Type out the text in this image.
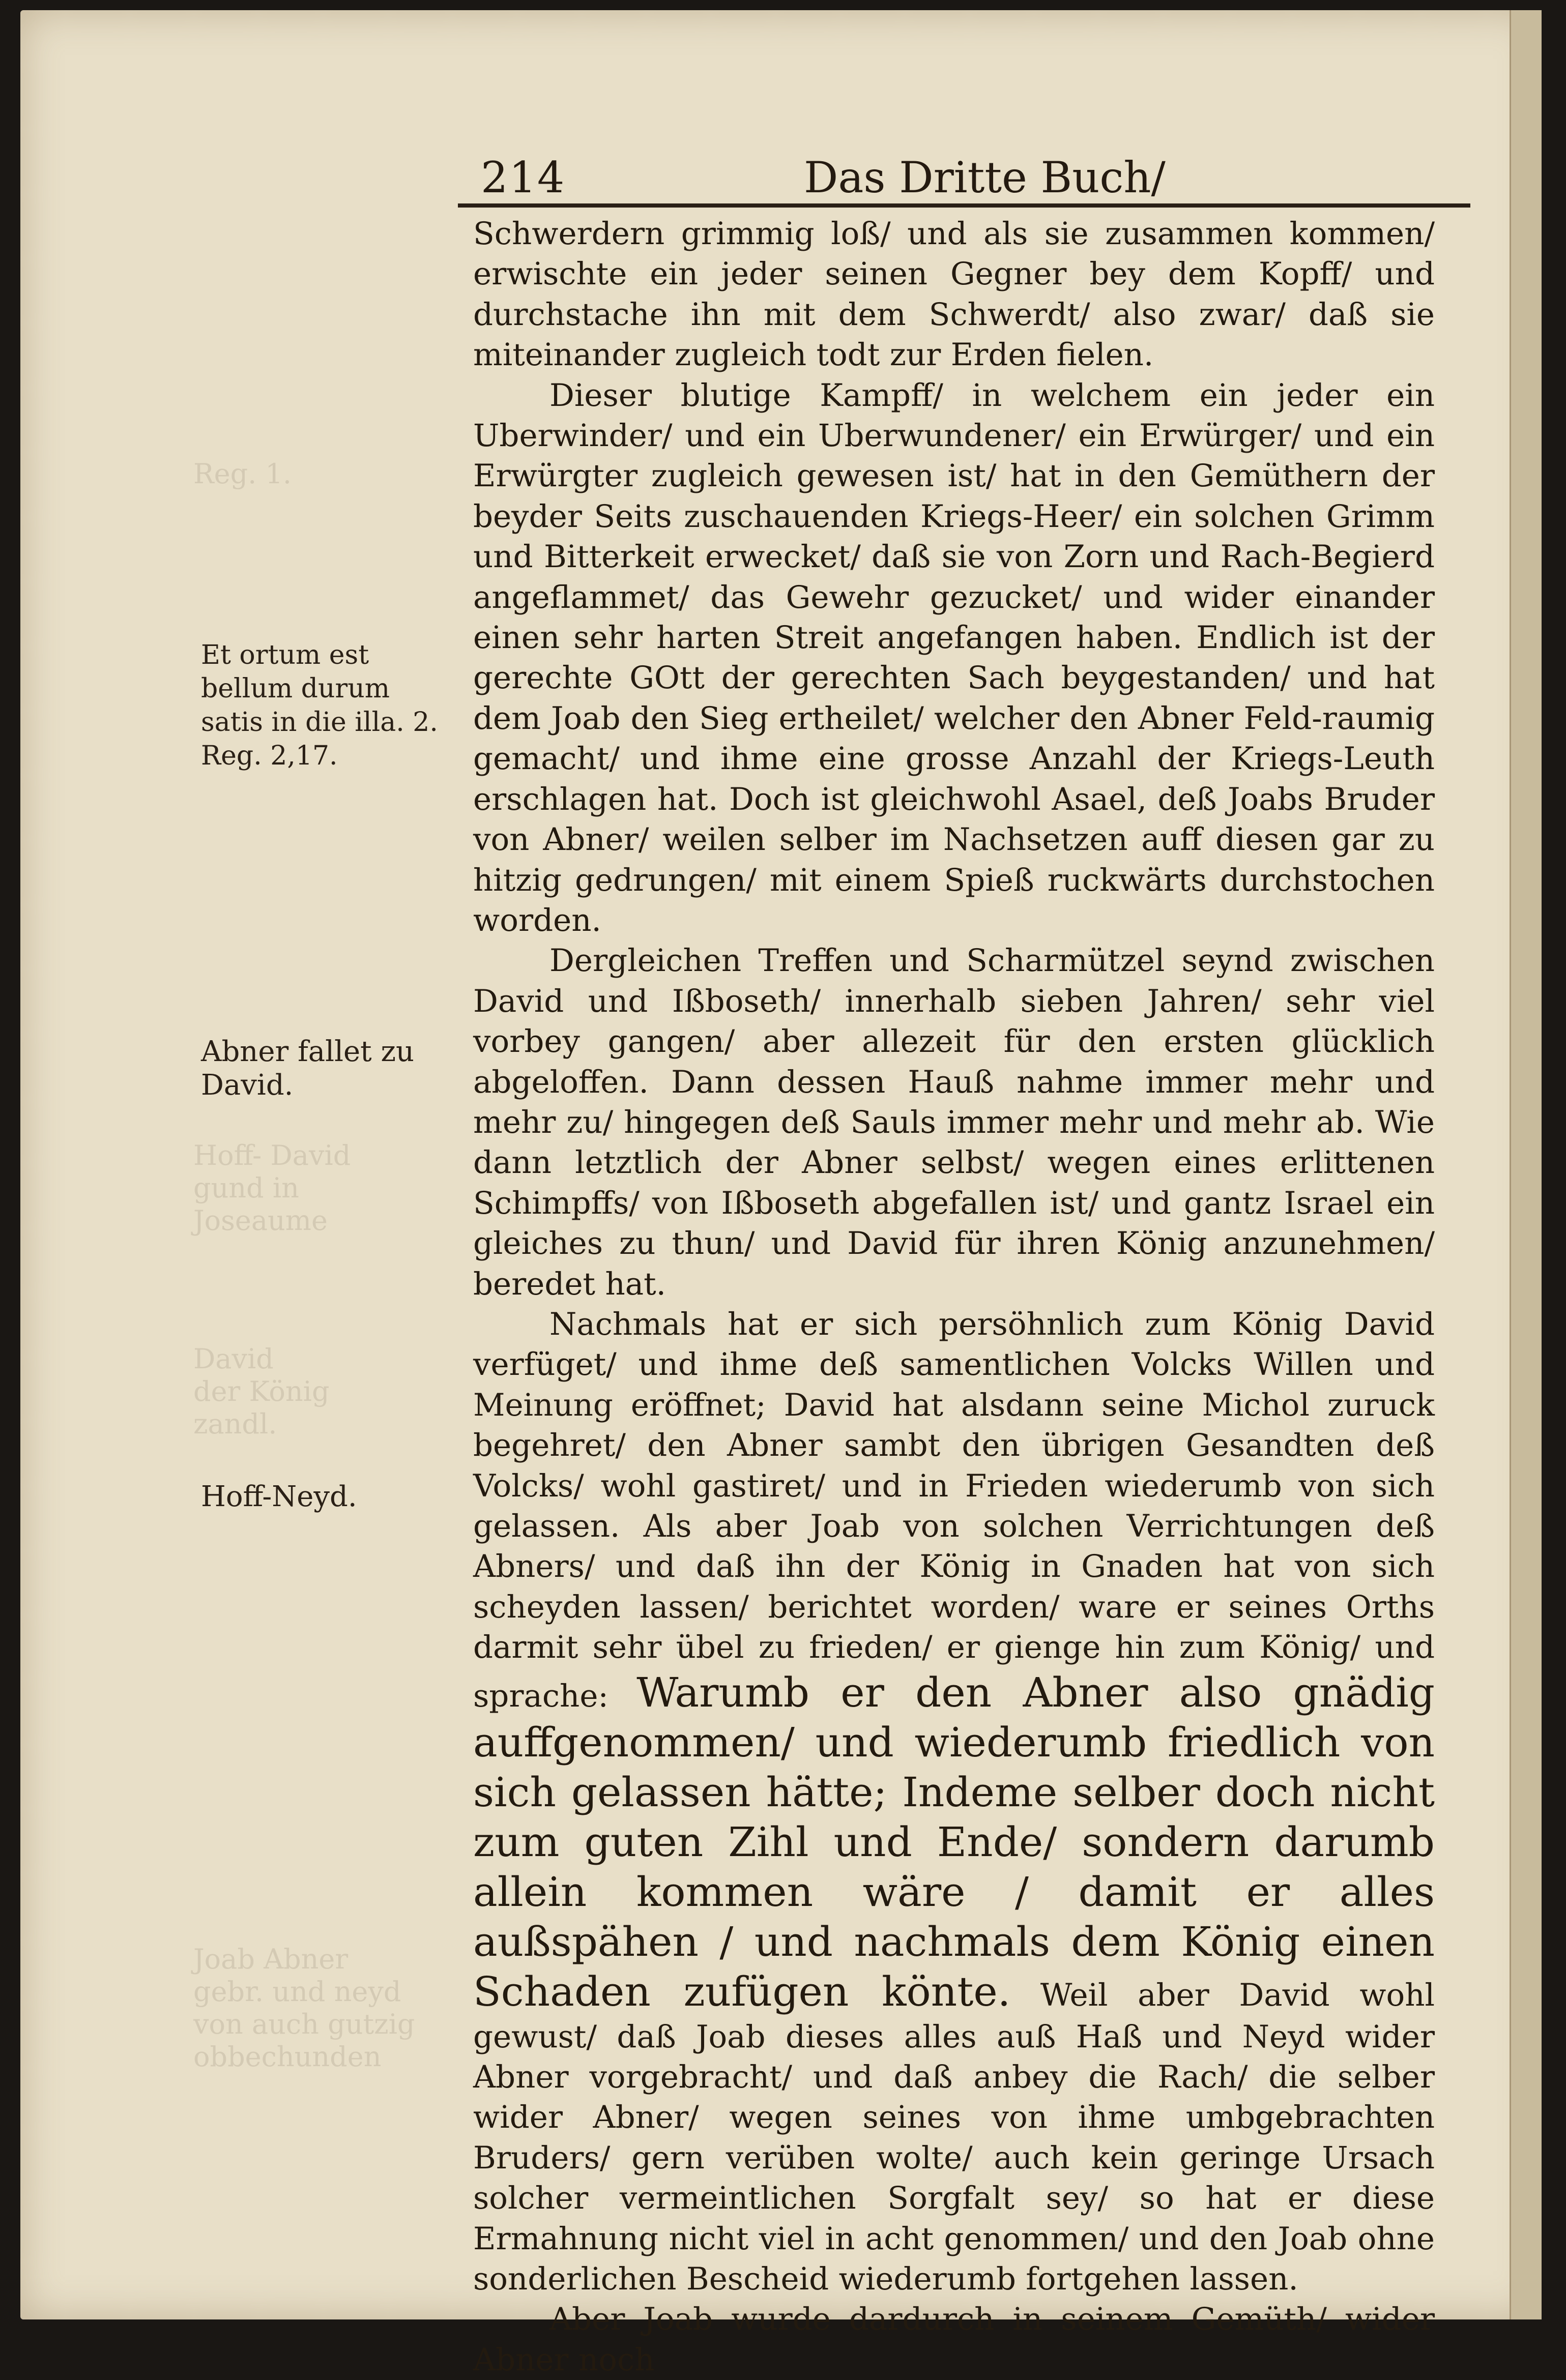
Reg. 1.
Hoff- David
gund in Joseaume
David
der König
zandl.
Joab Abner
gebr. und neyd
von auch gutzig
obbechunden
214	Das Dritte Buch/
Et ortum est bellum durum satis in die illa. 2. Reg. 2,17.
Abner fallet zu David.
Hoff-Neyd.

Schwerdern grimmig loß/ und als sie zusammen kommen/ erwischte ein jeder seinen Gegner bey dem Kopff/ und durchstache ihn mit dem Schwerdt/ also zwar/ daß sie miteinander zugleich todt zur Erden fielen.

Dieser blutige Kampff/ in welchem ein jeder ein Uberwinder/ und ein Uberwundener/ ein Erwürger/ und ein Erwürgter zugleich gewesen ist/ hat in den Gemüthern der beyder Seits zuschauenden Kriegs-Heer/ ein solchen Grimm und Bitterkeit erwecket/ daß sie von Zorn und Rach-Begierd angeflammet/ das Gewehr gezucket/ und wider einander einen sehr harten Streit angefangen haben. Endlich ist der gerechte GOtt der gerechten Sach beygestanden/ und hat dem Joab den Sieg ertheilet/ welcher den Abner Feld-raumig gemacht/ und ihme eine grosse Anzahl der Kriegs-Leuth erschlagen hat. Doch ist gleichwohl Asael, deß Joabs Bruder von Abner/ weilen selber im Nachsetzen auff diesen gar zu hitzig gedrungen/ mit einem Spieß ruckwärts durchstochen worden.

Dergleichen Treffen und Scharmützel seynd zwischen David und Ißboseth/ innerhalb sieben Jahren/ sehr viel vorbey gangen/ aber allezeit für den ersten glücklich abgeloffen. Dann dessen Hauß nahme immer mehr und mehr zu/ hingegen deß Sauls immer mehr und mehr ab. Wie dann letztlich der Abner selbst/ wegen eines erlittenen Schimpffs/ von Ißboseth abgefallen ist/ und gantz Israel ein gleiches zu thun/ und David für ihren König anzunehmen/ beredet hat.

Nachmals hat er sich persöhnlich zum König David verfüget/ und ihme deß samentlichen Volcks Willen und Meinung eröffnet; David hat alsdann seine Michol zuruck begehret/ den Abner sambt den übrigen Gesandten deß Volcks/ wohl gastiret/ und in Frieden wiederumb von sich gelassen. Als aber Joab von solchen Verrichtungen deß Abners/ und daß ihn der König in Gnaden hat von sich scheyden lassen/ berichtet worden/ ware er seines Orths darmit sehr übel zu frieden/ er gienge hin zum König/ und sprache: Warumb er den Abner also gnädig auffgenommen/ und wiederumb friedlich von sich gelassen hätte; Indeme selber doch nicht zum guten Zihl und Ende/ sondern darumb allein kommen wäre / damit er alles außspähen / und nachmals dem König einen Schaden zufügen könte. Weil aber David wohl gewust/ daß Joab dieses alles auß Haß und Neyd wider Abner vorgebracht/ und daß anbey die Rach/ die selber wider Abner/ wegen seines von ihme umbgebrachten Bruders/ gern verüben wolte/ auch kein geringe Ursach solcher vermeintlichen Sorgfalt sey/ so hat er diese Ermahnung nicht viel in acht genommen/ und den Joab ohne sonderlichen Bescheid wiederumb fortgehen lassen.

Aber Joab wurde dardurch in seinem Gemüth/ wider Abner noch
